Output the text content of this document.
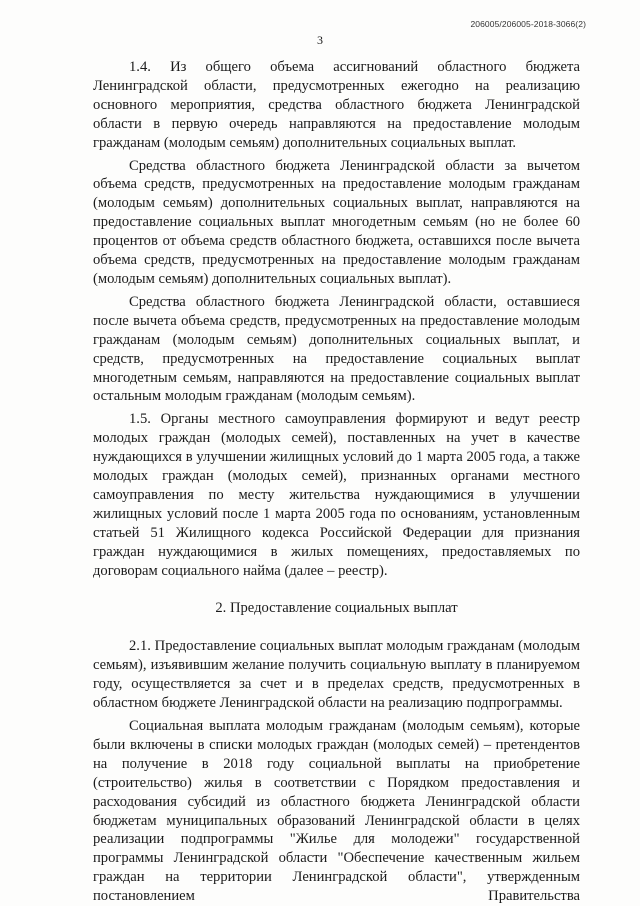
206005/206005-2018-3066(2)
3

1.4. Из общего объема ассигнований областного бюджета Ленинградской области, предусмотренных ежегодно на реализацию основного мероприятия, средства областного бюджета Ленинградской области в первую очередь направляются на предоставление молодым гражданам (молодым семьям) дополнительных социальных выплат.

Средства областного бюджета Ленинградской области за вычетом объема средств, предусмотренных на предоставление молодым гражданам (молодым семьям) дополнительных социальных выплат, направляются на предоставление социальных выплат многодетным семьям (но не более 60 процентов от объема средств областного бюджета, оставшихся после вычета объема средств, предусмотренных на предоставление молодым гражданам (молодым семьям) дополнительных социальных выплат).

Средства областного бюджета Ленинградской области, оставшиеся после вычета объема средств, предусмотренных на предоставление молодым гражданам (молодым семьям) дополнительных социальных выплат, и средств, предусмотренных на предоставление социальных выплат многодетным семьям, направляются на предоставление социальных выплат остальным молодым гражданам (молодым семьям).

1.5. Органы местного самоуправления формируют и ведут реестр молодых граждан (молодых семей), поставленных на учет в качестве нуждающихся в улучшении жилищных условий до 1 марта 2005 года, а также молодых граждан (молодых семей), признанных органами местного самоуправления по месту жительства нуждающимися в улучшении жилищных условий после 1 марта 2005 года по основаниям, установленным статьей 51 Жилищного кодекса Российской Федерации для признания граждан нуждающимися в жилых помещениях, предоставляемых по договорам социального найма (далее – реестр).

2. Предоставление социальных выплат

2.1. Предоставление социальных выплат молодым гражданам (молодым семьям), изъявившим желание получить социальную выплату в планируемом году, осуществляется за счет и в пределах средств, предусмотренных в областном бюджете Ленинградской области на реализацию подпрограммы.

Социальная выплата молодым гражданам (молодым семьям), которые были включены в списки молодых граждан (молодых семей) – претендентов на получение в 2018 году социальной выплаты на приобретение (строительство) жилья в соответствии с Порядком предоставления и расходования субсидий из областного бюджета Ленинградской области бюджетам муниципальных образований Ленинградской области в целях реализации подпрограммы "Жилье для молодежи" государственной программы Ленинградской области "Обеспечение качественным жильем граждан на территории Ленинградской области", утвержденным постановлением Правительства
